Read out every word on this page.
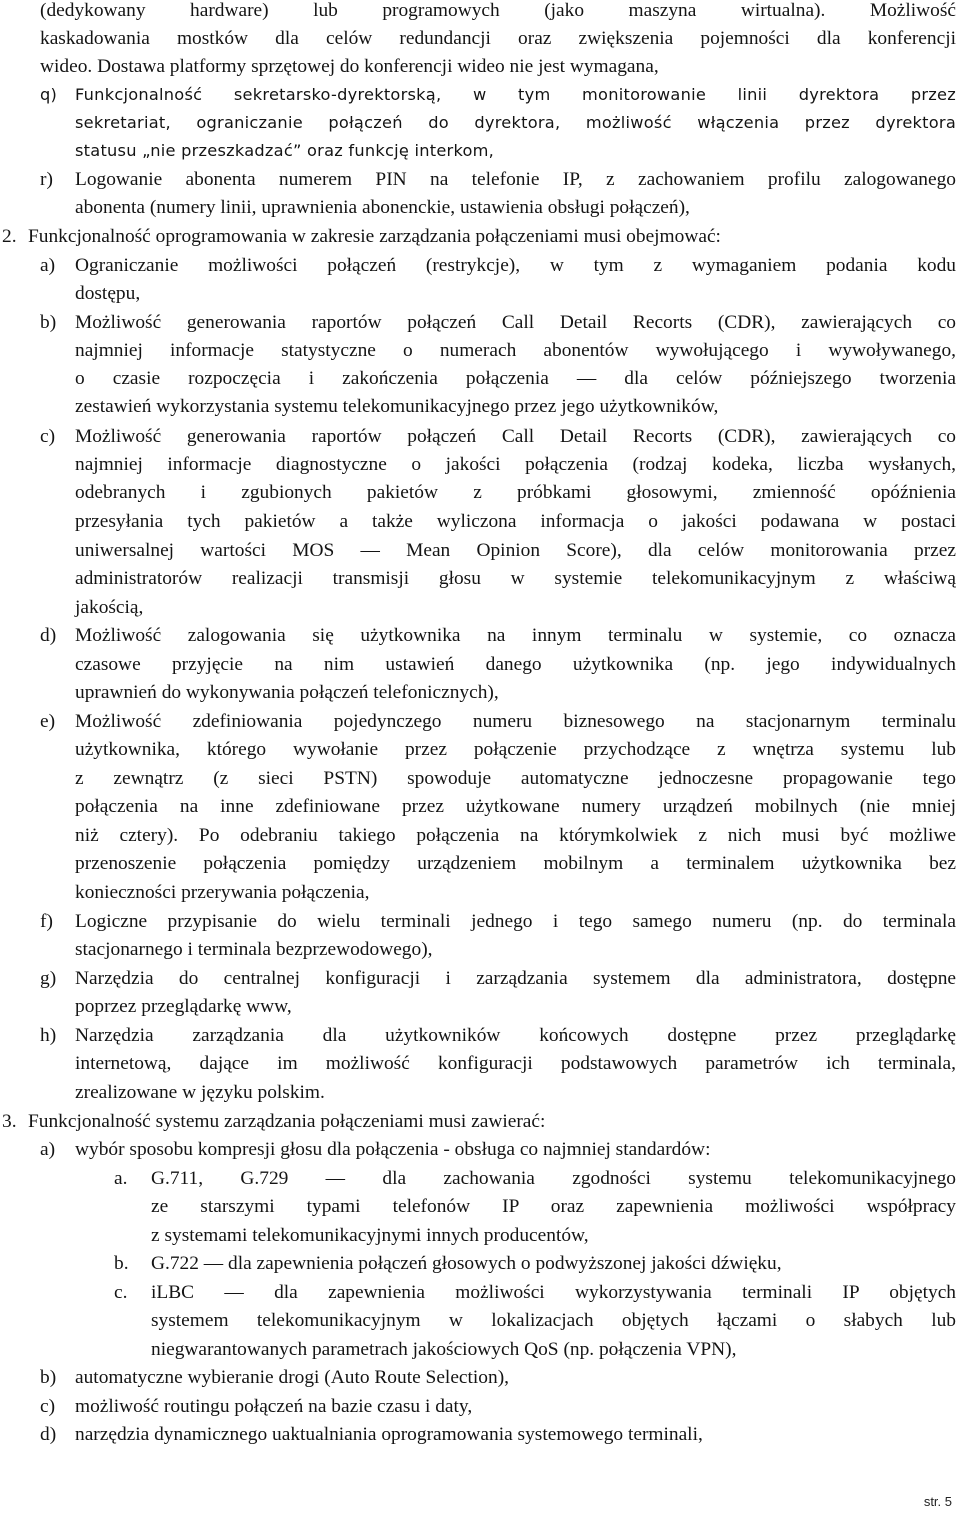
(dedykowany hardware) lub programowych (jako maszyna wirtualna). Możliwość
kaskadowania mostków dla celów redundancji oraz zwiększenia pojemności dla konferencji
wideo. Dostawa platformy sprzętowej do konferencji wideo nie jest wymagana,
q) Funkcjonalność sekretarsko-dyrektorską, w tym monitorowanie linii dyrektora przez
sekretariat, ograniczanie połączeń do dyrektora, możliwość włączenia przez dyrektora
statusu „nie przeszkadzać” oraz funkcję interkom,
r) Logowanie abonenta numerem PIN na telefonie IP, z zachowaniem profilu zalogowanego
abonenta (numery linii, uprawnienia abonenckie, ustawienia obsługi połączeń),
2. Funkcjonalność oprogramowania w zakresie zarządzania połączeniami musi obejmować:
a) Ograniczanie możliwości połączeń (restrykcje), w tym z wymaganiem podania kodu
dostępu,
b) Możliwość generowania raportów połączeń Call Detail Recorts (CDR), zawierających co
najmniej informacje statystyczne o numerach abonentów wywołującego i wywoływanego,
o czasie rozpoczęcia i zakończenia połączenia — dla celów późniejszego tworzenia
zestawień wykorzystania systemu telekomunikacyjnego przez jego użytkowników,
c) Możliwość generowania raportów połączeń Call Detail Recorts (CDR), zawierających co
najmniej informacje diagnostyczne o jakości połączenia (rodzaj kodeka, liczba wysłanych,
odebranych i zgubionych pakietów z próbkami głosowymi, zmienność opóźnienia
przesyłania tych pakietów a także wyliczona informacja o jakości podawana w postaci
uniwersalnej wartości MOS — Mean Opinion Score), dla celów monitorowania przez
administratorów realizacji transmisji głosu w systemie telekomunikacyjnym z właściwą
jakością,
d) Możliwość zalogowania się użytkownika na innym terminalu w systemie, co oznacza
czasowe przyjęcie na nim ustawień danego użytkownika (np. jego indywidualnych
uprawnień do wykonywania połączeń telefonicznych),
e) Możliwość zdefiniowania pojedynczego numeru biznesowego na stacjonarnym terminalu
użytkownika, którego wywołanie przez połączenie przychodzące z wnętrza systemu lub
z zewnątrz (z sieci PSTN) spowoduje automatyczne jednoczesne propagowanie tego
połączenia na inne zdefiniowane przez użytkowane numery urządzeń mobilnych (nie mniej
niż cztery). Po odebraniu takiego połączenia na którymkolwiek z nich musi być możliwe
przenoszenie połączenia pomiędzy urządzeniem mobilnym a terminalem użytkownika bez
konieczności przerywania połączenia,
f) Logiczne przypisanie do wielu terminali jednego i tego samego numeru (np. do terminala
stacjonarnego i terminala bezprzewodowego),
g) Narzędzia do centralnej konfiguracji i zarządzania systemem dla administratora, dostępne
poprzez przeglądarkę www,
h) Narzędzia zarządzania dla użytkowników końcowych dostępne przez przeglądarkę
internetową, dające im możliwość konfiguracji podstawowych parametrów ich terminala,
zrealizowane w języku polskim.
3. Funkcjonalność systemu zarządzania połączeniami musi zawierać:
a) wybór sposobu kompresji głosu dla połączenia - obsługa co najmniej standardów:
a. G.711, G.729 — dla zachowania zgodności systemu telekomunikacyjnego
ze starszymi typami telefonów IP oraz zapewnienia możliwości współpracy
z systemami telekomunikacyjnymi innych producentów,
b. G.722 — dla zapewnienia połączeń głosowych o podwyższonej jakości dźwięku,
c. iLBC — dla zapewnienia możliwości wykorzystywania terminali IP objętych
systemem telekomunikacyjnym w lokalizacjach objętych łączami o słabych lub
niegwarantowanych parametrach jakościowych QoS (np. połączenia VPN),
b) automatyczne wybieranie drogi (Auto Route Selection),
c) możliwość routingu połączeń na bazie czasu i daty,
d) narzędzia dynamicznego uaktualniania oprogramowania systemowego terminali,
str. 5
